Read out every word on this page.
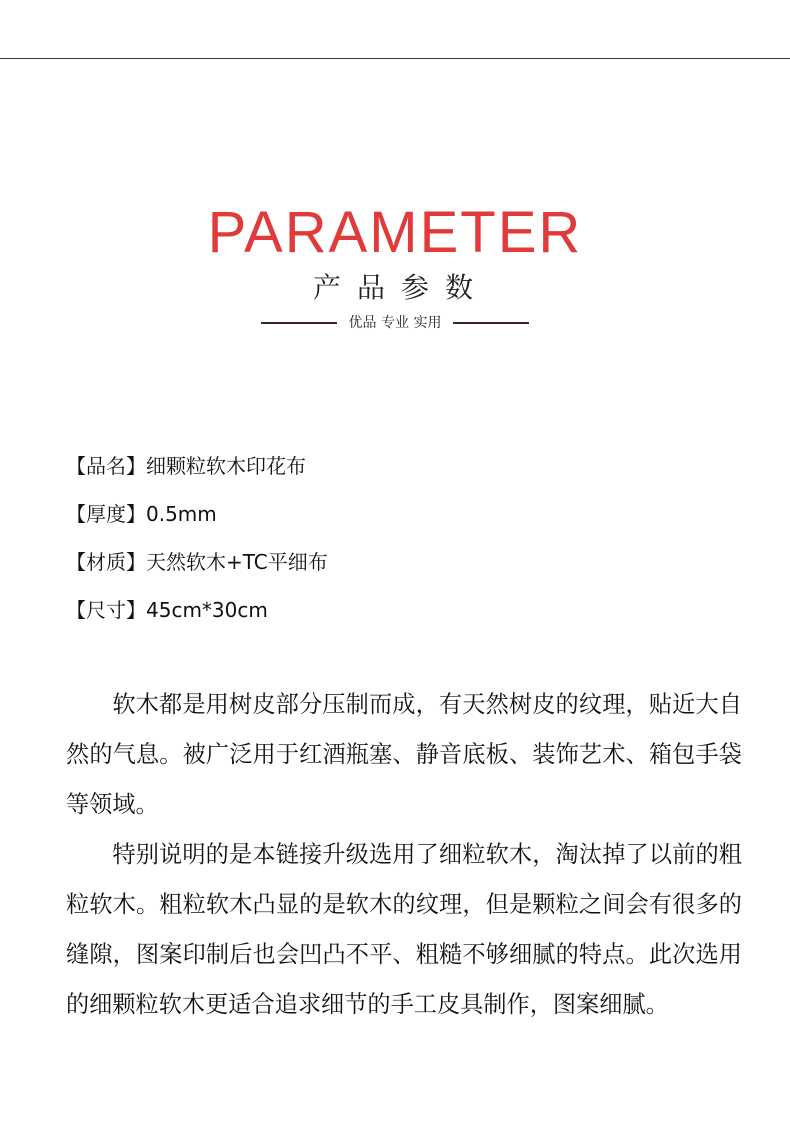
PARAMETER
产品参数
优品 专业 实用
【品名】细颗粒软木印花布
【厚度】0.5mm
【材质】天然软木+TC平细布
【尺寸】45cm*30cm

软木都是用树皮部分压制而成，有天然树皮的纹理，贴近大自然的气息。被广泛用于红酒瓶塞、静音底板、装饰艺术、箱包手袋等领域。

特别说明的是本链接升级选用了细粒软木，淘汰掉了以前的粗粒软木。粗粒软木凸显的是软木的纹理，但是颗粒之间会有很多的缝隙，图案印制后也会凹凸不平、粗糙不够细腻的特点。此次选用的细颗粒软木更适合追求细节的手工皮具制作，图案细腻。
